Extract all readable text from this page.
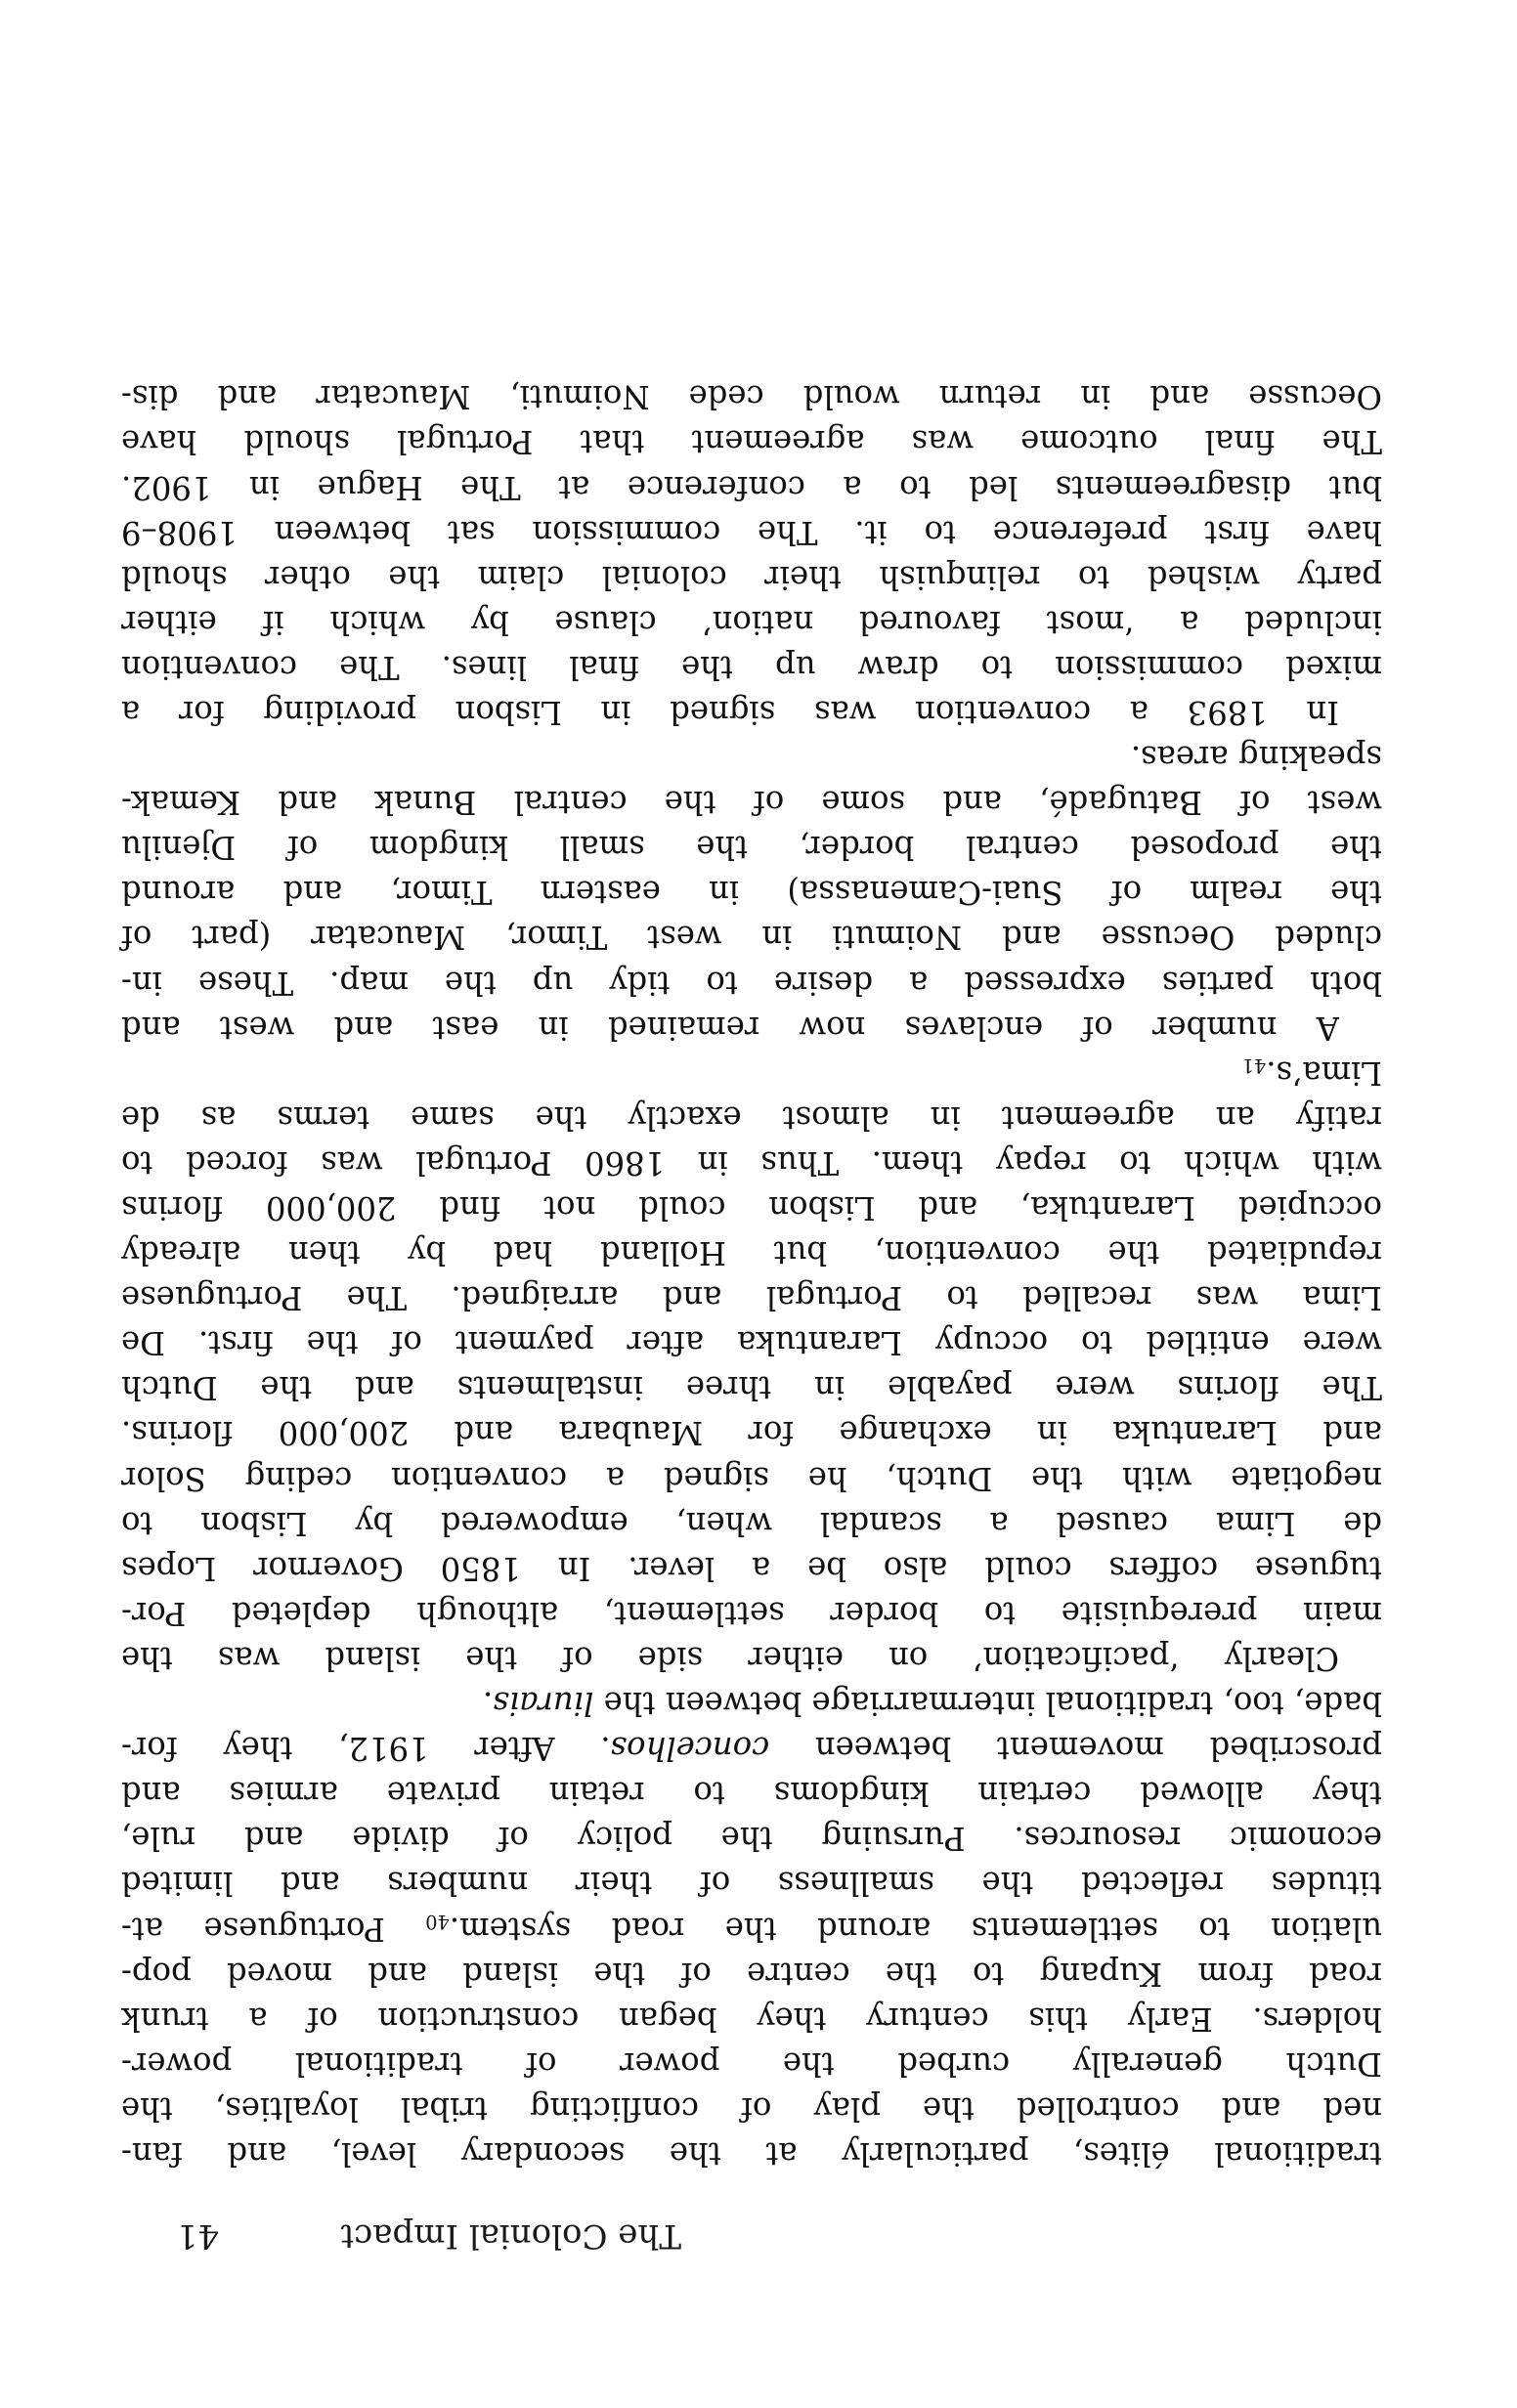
The Colonial Impact
41
traditional élites, particularly at the secondary level, and fan-
ned and controlled the play of conflicting tribal loyalties, the
Dutch generally curbed the power of traditional power-
holders. Early this century they began construction of a trunk
road from Kupang to the centre of the island and moved pop-
ulation to settlements around the road $system._{40}$ Portuguese at-
titudes reflected the smallness of their numbers and limited
economic resources. Pursuing the policy of divide and rule,
they allowed certain kingdoms to retain private armies and
proscribed movement between concelhos. After 1912, they for-
bade, too, traditional intermarriage between the liurais.
Clearly ‘pacification’ on either side of the island was the
main prerequisite to border settlement, although depleted Por-
tuguese coffers could also be a lever. In 1850 Governor Lopes
de Lima caused a scandal when, empowered by Lisbon to
negotiate with the Dutch, he signed a convention ceding Solor
and Larantuka in exchange for Maubara and 200,000 florins.
The florins were payable in three instalments and the Dutch
were entitled to occupy Larantuka after payment of the first. De
Lima was recalled to Portugal and arraigned. The Portuguese
repudiated the convention, but Holland had by then already
occupied Larantuka, and Lisbon could not find 200,000 florins
with which to repay them. Thus in 1860 Portugal was forced to
ratify an agreement in almost exactly the same terms as de
$Lima’s._{41}$
A number of enclaves now remained in east and west and
both parties expressed a desire to tidy up the map. These in-
cluded Oecusse and Noimuti in west Timor, Maucatar (part of
the realm of Suai-Camenassa) in eastern Timor, and around
the proposed central border, the small kingdom of Djenilu
west of Batugadé, and some of the central Bunak and Kemak-
speaking areas.
In 1893 a convention was signed in Lisbon providing for a
mixed commission to draw up the final lines. The convention
included a ‘most favoured nation’ clause by which if either
party wished to relinquish their colonial claim the other should
have first preference to it. The commission sat between 1908–9
but disagreements led to a conference at The Hague in 1902.
The final outcome was agreement that Portugal should have
Oecusse and in return would cede Noimuti, Maucatar and dis-
